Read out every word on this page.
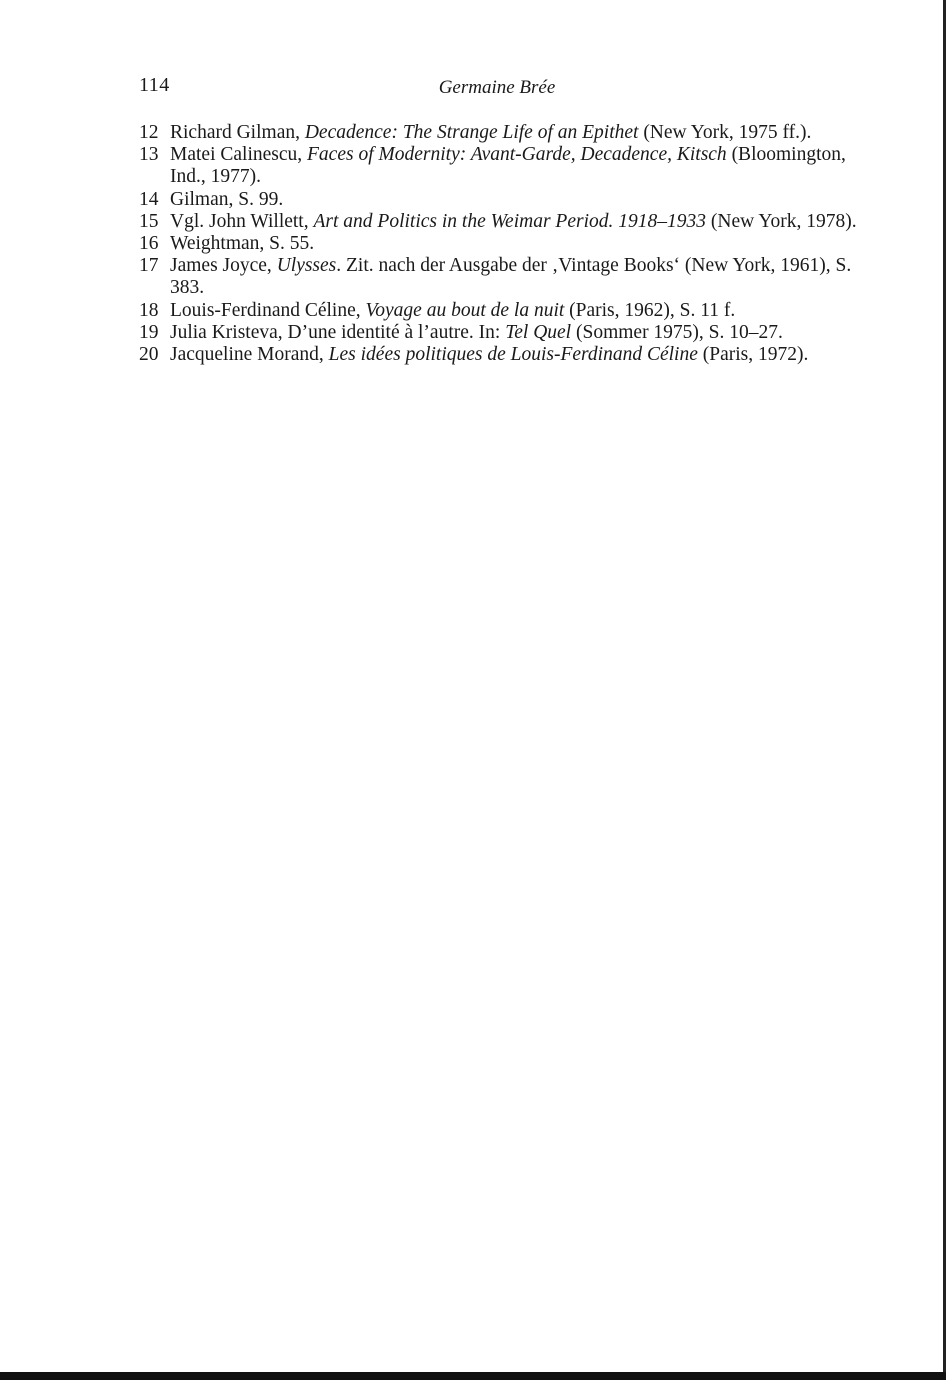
114	Germaine Brée
12 Richard Gilman, Decadence: The Strange Life of an Epithet (New York, 1975 ff.).
13 Matei Calinescu, Faces of Modernity: Avant-Garde, Decadence, Kitsch (Bloomington, Ind., 1977).
14 Gilman, S. 99.
15 Vgl. John Willett, Art and Politics in the Weimar Period. 1918–1933 (New York, 1978).
16 Weightman, S. 55.
17 James Joyce, Ulysses. Zit. nach der Ausgabe der ‚Vintage Books‘ (New York, 1961), S. 383.
18 Louis-Ferdinand Céline, Voyage au bout de la nuit (Paris, 1962), S. 11 f.
19 Julia Kristeva, D’une identité à l’autre. In: Tel Quel (Sommer 1975), S. 10–27.
20 Jacqueline Morand, Les idées politiques de Louis-Ferdinand Céline (Paris, 1972).
